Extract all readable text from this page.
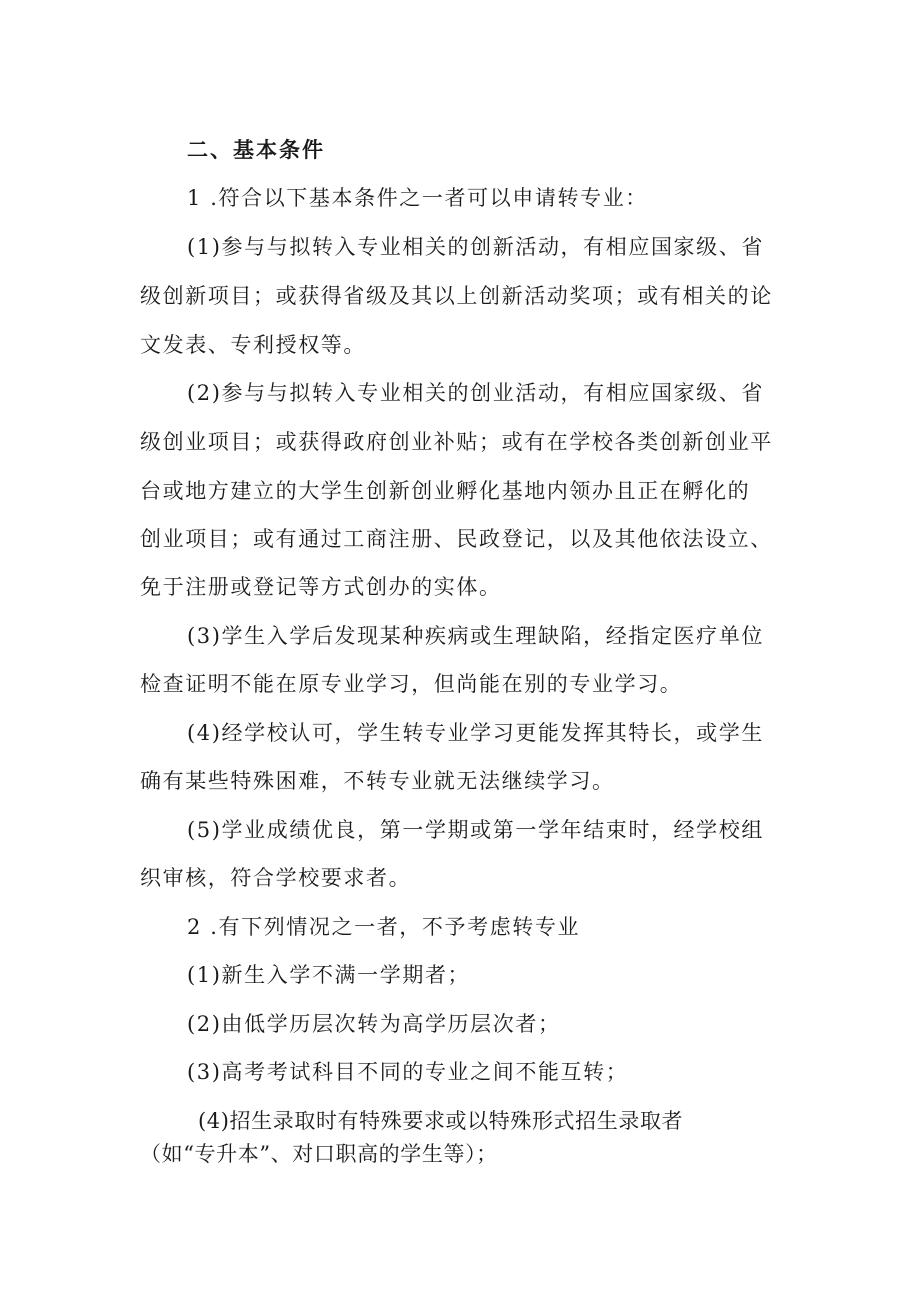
二、基本条件
1 .符合以下基本条件之一者可以申请转专业：
(1)参与与拟转入专业相关的创新活动，有相应国家级、省
级创新项目；或获得省级及其以上创新活动奖项；或有相关的论
文发表、专利授权等。
(2)参与与拟转入专业相关的创业活动，有相应国家级、省
级创业项目；或获得政府创业补贴；或有在学校各类创新创业平
台或地方建立的大学生创新创业孵化基地内领办且正在孵化的
创业项目；或有通过工商注册、民政登记，以及其他依法设立、
免于注册或登记等方式创办的实体。
(3)学生入学后发现某种疾病或生理缺陷，经指定医疗单位
检查证明不能在原专业学习，但尚能在别的专业学习。
(4)经学校认可，学生转专业学习更能发挥其特长，或学生
确有某些特殊困难，不转专业就无法继续学习。
(5)学业成绩优良，第一学期或第一学年结束时，经学校组
织审核，符合学校要求者。
2 .有下列情况之一者，不予考虑转专业
(1)新生入学不满一学期者；
(2)由低学历层次转为高学历层次者；
(3)高考考试科目不同的专业之间不能互转；
(4)招生录取时有特殊要求或以特殊形式招生录取者
（如“专升本”、对口职高的学生等）；
